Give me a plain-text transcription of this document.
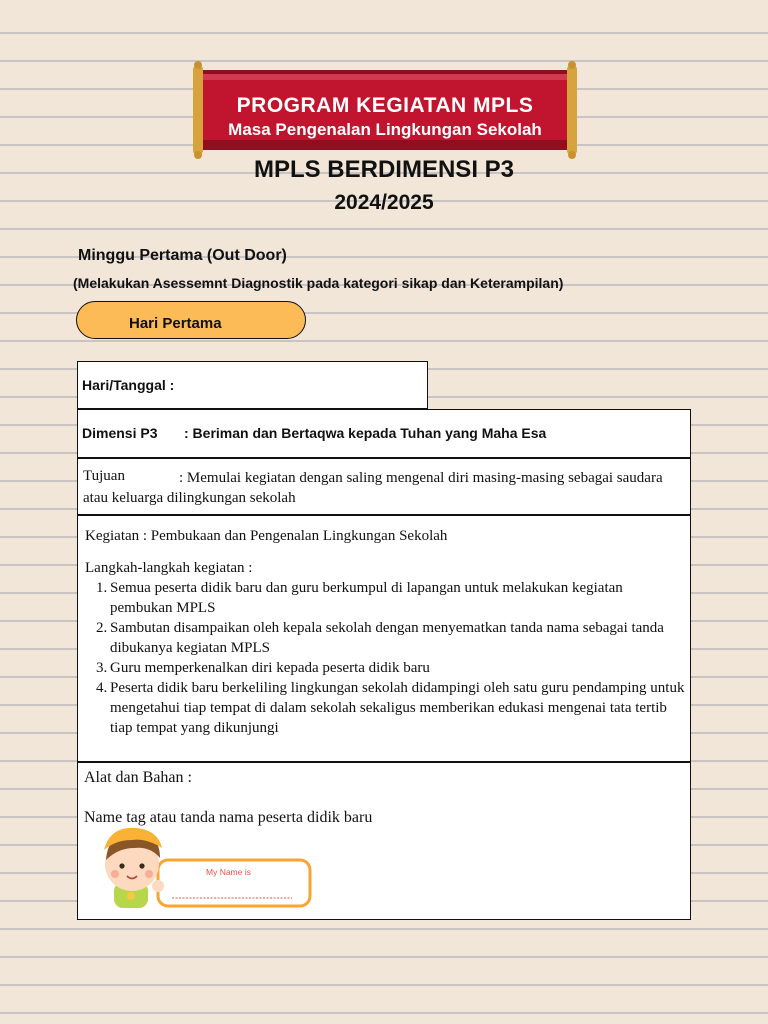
PROGRAM KEGIATAN MPLS
Masa Pengenalan Lingkungan Sekolah
MPLS BERDIMENSI P3
2024/2025
Minggu Pertama (Out Door)
(Melakukan Asessemnt Diagnostik pada kategori sikap dan Keterampilan)
Hari Pertama
Hari/Tanggal :
Dimensi P3 : Beriman dan Bertaqwa kepada Tuhan yang Maha Esa
Tujuan	: Memulai kegiatan dengan saling mengenal diri masing-masing sebagai saudara atau keluarga dilingkungan sekolah
Kegiatan : Pembukaan dan Pengenalan Lingkungan Sekolah
Langkah-langkah kegiatan :
1. Semua peserta didik baru dan guru berkumpul di lapangan untuk melakukan kegiatan pembukan MPLS
2. Sambutan disampaikan oleh kepala sekolah dengan menyematkan tanda nama sebagai tanda dibukanya kegiatan MPLS
3. Guru memperkenalkan diri kepada peserta didik baru
4. Peserta didik baru berkeliling lingkungan sekolah didampingi oleh satu guru pendamping untuk mengetahui tiap tempat di dalam sekolah sekaligus memberikan edukasi mengenai tata tertib tiap tempat yang dikunjungi
Alat dan Bahan :
Name tag atau tanda nama peserta didik baru
My Name is
